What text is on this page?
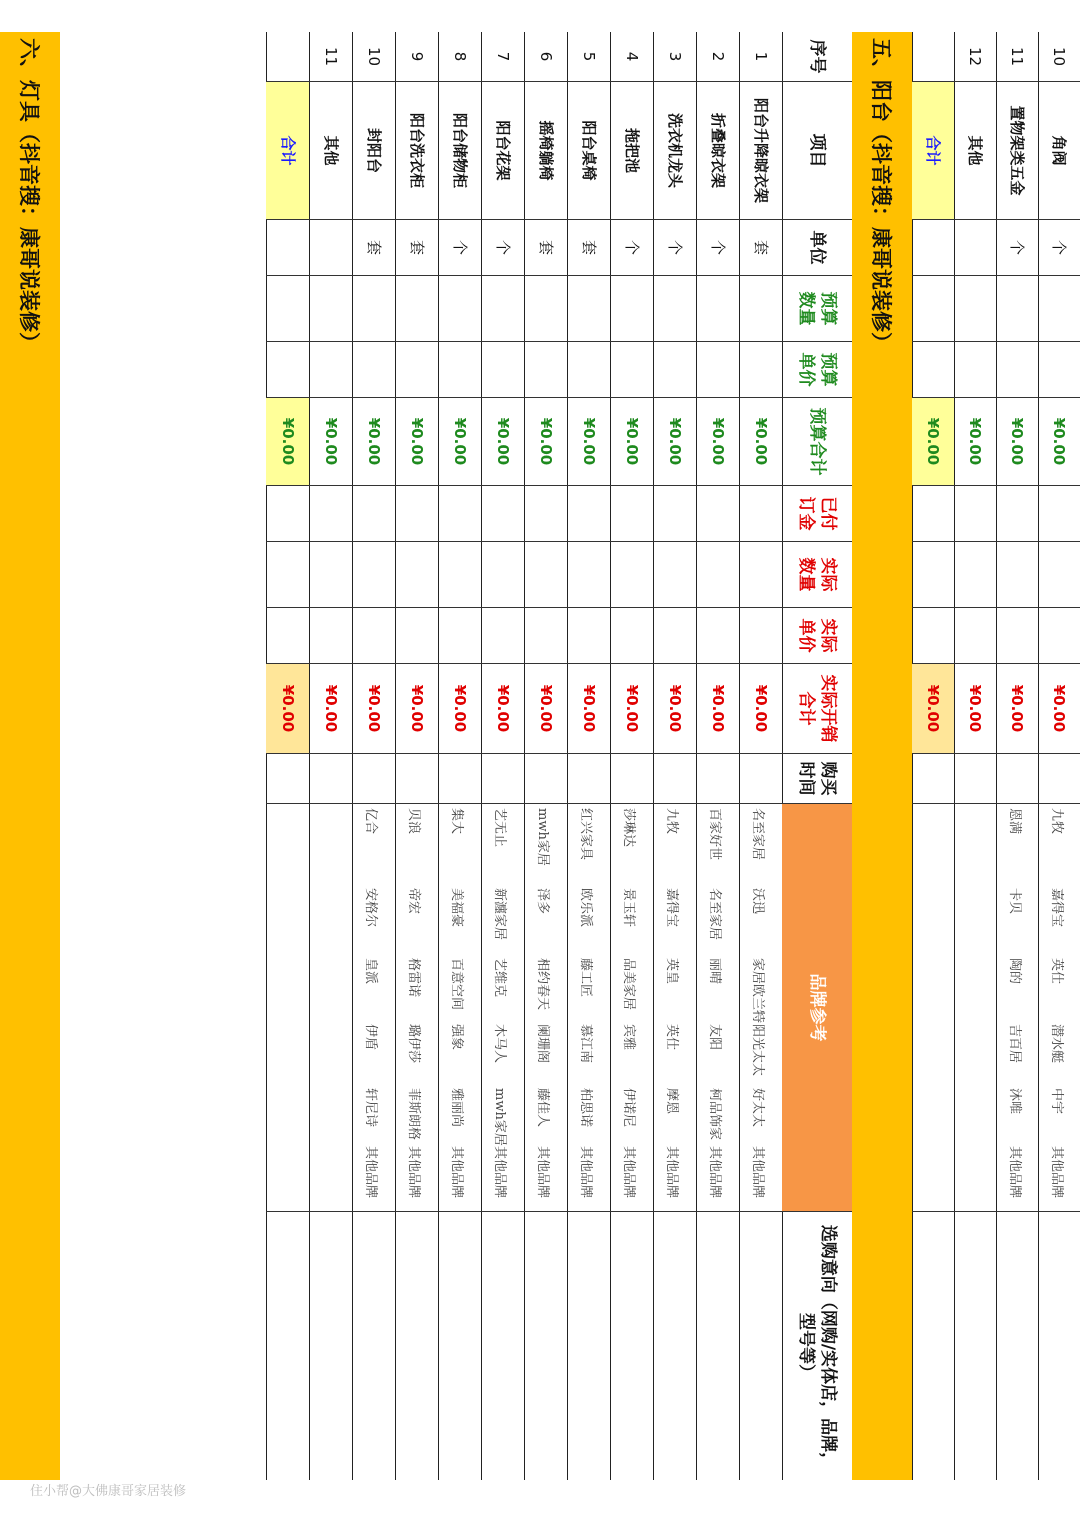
10
角阀
个
¥0.00
¥0.00
九牧
嘉得宝
英仕
潜水艇
中宇
其他品牌
11
置物架类五金
个
¥0.00
¥0.00
恩满
卡贝
陶的
吉百居
沐唯
其他品牌
12
其他
¥0.00
¥0.00
合计
¥0.00
¥0.00
五、阳台（抖音搜：康哥说装修）
序号
项目
单位
预算数量
预算单价
预算合计
已付订金
实际数量
实际单价
实际开销合计
购买时间
品牌参考
选购意向（网购/实体店，品牌，型号等）
1
阳台升降晾衣架
套
¥0.00
¥0.00
名至家居
沃迅
家居欧兰特
阳光太太
好太太
其他品牌
2
折叠晾衣架
个
¥0.00
¥0.00
百家好世
名至家居
丽晴
友阳
柯品饰家
其他品牌
3
洗衣机龙头
个
¥0.00
¥0.00
九牧
嘉得宝
英皇
英仕
摩恩
其他品牌
4
拖把池
个
¥0.00
¥0.00
莎琳达
景玉轩
品美家居
宾雅
伊诺尼
其他品牌
5
阳台桌椅
套
¥0.00
¥0.00
红兴家具
欧乐派
藤工匠
慕江南
柏思诺
其他品牌
6
摇椅躺椅
套
¥0.00
¥0.00
mwh家居
泽多
相约春天
阑珊阁
藤佳人
其他品牌
7
阳台花架
个
¥0.00
¥0.00
艺无止
新瀍家居
艺维克
木马人
mwh家居
其他品牌
8
阳台储物柜
个
¥0.00
¥0.00
集大
美福豪
百意空间
强象
雅丽尚
其他品牌
9
阳台洗衣柜
套
¥0.00
¥0.00
贝浪
帝宏
格雷诺
璐伊莎
菲斯朗格
其他品牌
10
封阳台
套
¥0.00
¥0.00
亿合
安格尔
皇派
伊盾
轩尼诗
其他品牌
11
其他
¥0.00
¥0.00
合计
¥0.00
¥0.00
六、灯具（抖音搜：康哥说装修）
住小帮@大佛康哥家居装修
